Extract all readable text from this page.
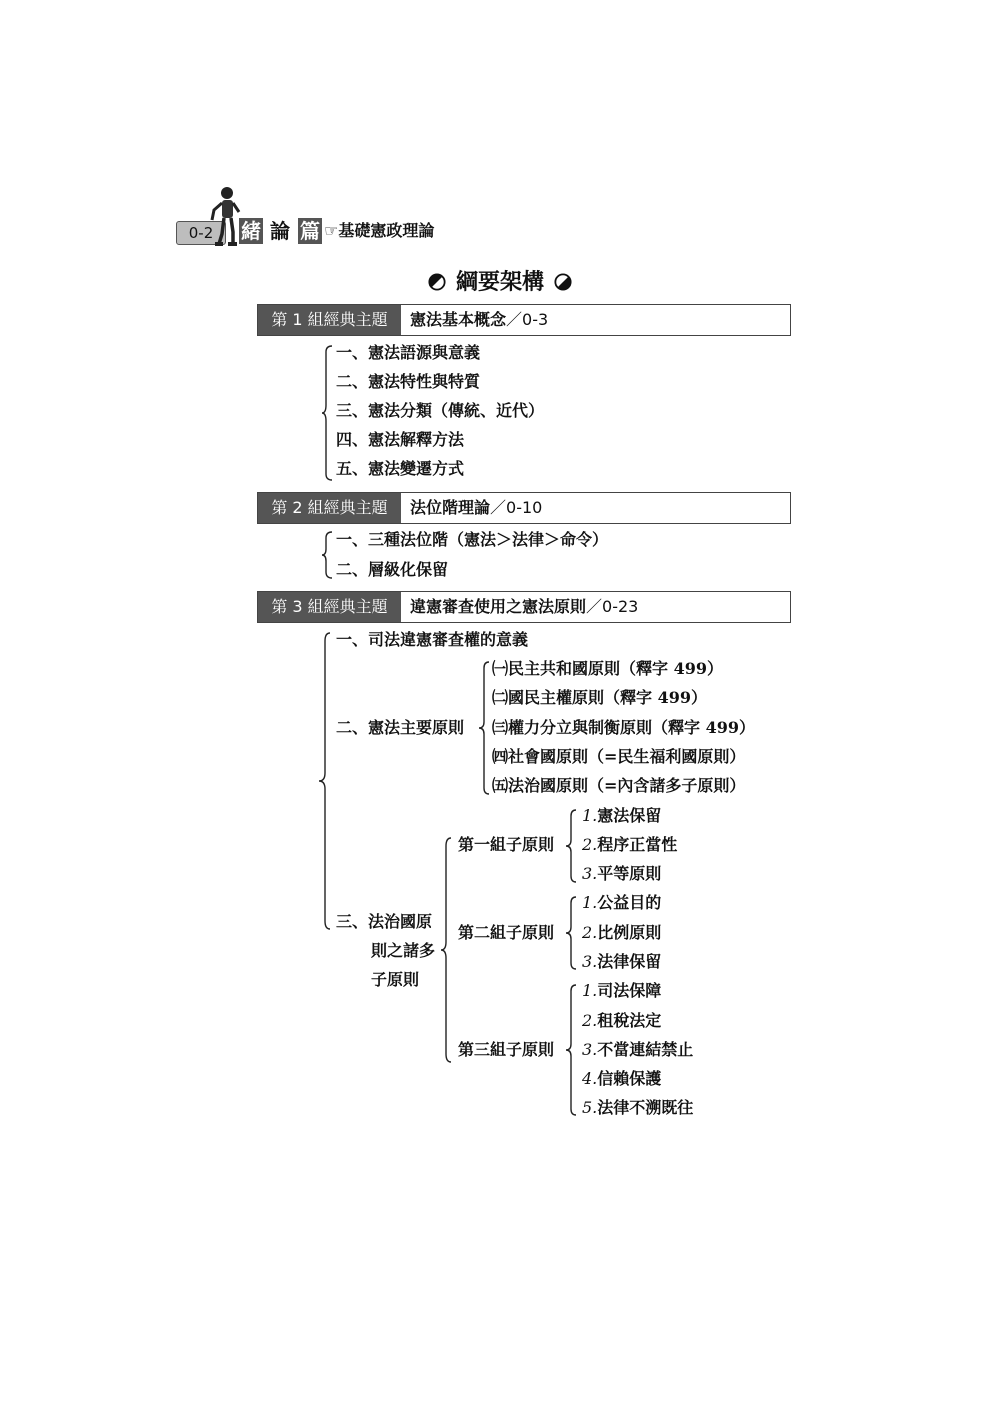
0-2	緒 論 篇 ☞基礎憲政理論
綱要架構
第 1 組經典主題	憲法基本概念／0-3
一、憲法語源與意義
二、憲法特性與特質
三、憲法分類（傳統、近代）
四、憲法解釋方法
五、憲法變遷方式
第 2 組經典主題	法位階理論／0-10
一、三種法位階（憲法＞法律＞命令）
二、層級化保留
第 3 組經典主題	違憲審查使用之憲法原則／0-23
一、司法違憲審查權的意義
二、憲法主要原則
㈠民主共和國原則（釋字 499）
㈡國民主權原則（釋字 499）
㈢權力分立與制衡原則（釋字 499）
㈣社會國原則（=民生福利國原則）
㈤法治國原則（=內含諸多子原則）
三、法治國原
則之諸多
子原則
第一組子原則
1.憲法保留
2.程序正當性
3.平等原則
第二組子原則
1.公益目的
2.比例原則
3.法律保留
第三組子原則
1.司法保障
2.租稅法定
3.不當連結禁止
4.信賴保護
5.法律不溯既往
